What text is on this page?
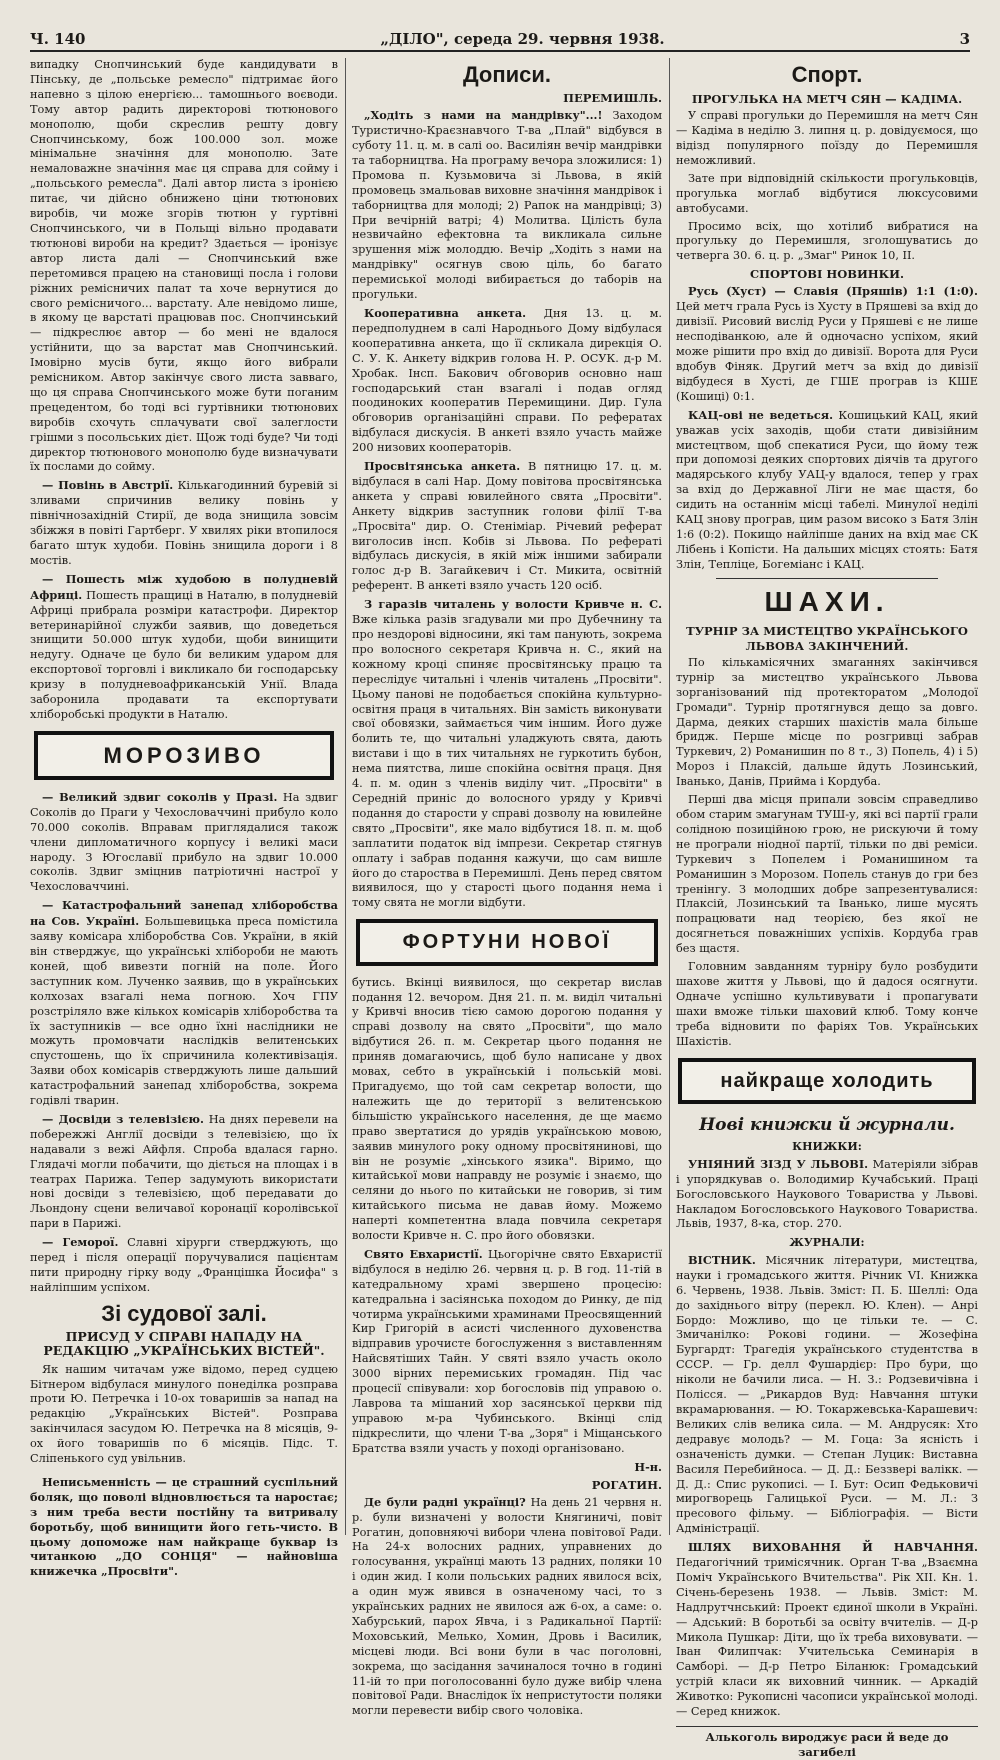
Ч. 140	„ДІЛО", середа 29. червня 1938.	3

випадку Снопчинський буде кандидувати в Пінську, де „польське ремесло" підтримає його напевно з цілою енергією... тамошнього воєводи. Тому автор радить директорові тютюнового монополю, щоби скреслив решту довгу Снопчинському, бож 100.000 зол. може мінімальне значіння для монополю. Зате немаловажне значіння має ця справа для сойму і „польського ремесла". Далі автор листа з іронією питає, чи дійсно обнижено ціни тютюнових виробів, чи може згорів тютюн у гуртівні Снопчинського, чи в Польщі вільно продавати тютюнові вироби на кредит? Здається — іронізує автор листа далі — Снопчинський вже перетомився працею на становищі посла і голови ріжних ремісничих палат та хоче вернутися до свого ремісничого... варстату. Але невідомо лише, в якому це варстаті працював пос. Снопчинський — підкреслює автор — бо мені не вдалося устійнити, що за варстат мав Снопчинський. Імовірно мусів бути, якщо його вибрали ремісником. Автор закінчує свого листа завваго, що ця справа Снопчинського може бути поганим прецедентом, бо тоді всі гуртівники тютюнових виробів схочуть сплачувати свої залеглости грішми з посольських дієт. Щож тоді буде? Чи тоді директор тютюнового монополю буде визначувати їх послами до сойму.

— Повінь в Австрії. Кількагодинний буревій зі зливами спричинив велику повінь у північнозахідній Стирії, де вода знищила зовсім збіжжя в повіті Гартберг. У хвилях ріки втопилося багато штук худоби. Повінь знищила дороги і 8 мостів.

— Пошесть між худобою в полудневій Африці. Пошесть пращиці в Наталю, в полудневій Африці прибрала розміри катастрофи. Директор ветеринарійної служби заявив, що доведеться знищити 50.000 штук худоби, щоби винищити недугу. Одначе це було би великим ударом для експортової торговлі і викликало би господарську кризу в полудневоафриканській Унії. Влада заборонила продавати та експортувати хліборобські продукти в Наталю.

МОРОЗИВО

— Великий здвиг соколів у Празі. На здвиг Соколів до Праги у Чехословаччині прибуло коло 70.000 соколів. Вправам приглядалися також члени дипломатичного корпусу і великі маси народу. З Югославії прибуло на здвиг 10.000 соколів. Здвиг зміцнив патріотичні настрої у Чехословаччині.

— Катастрофальний занепад хліборобства на Сов. Україні. Большевицька преса помістила заяву комісара хліборобства Сов. України, в якій він стверджує, що українські хлібороби не мають коней, щоб вивезти погній на поле. Його заступник ком. Лученко заявив, що в українських колхозах взагалі нема погною. Хоч ГПУ розстріляло вже кількох комісарів хліборобства та їх заступників — все одно їхні наслідники не можуть промовчати наслідків велитенських спустошень, що їх спричинила колективізація. Заяви обох комісарів стверджують лише дальший катастрофальний занепад хліборобства, зокрема годівлі тварин.

— Досвіди з телевізією. На днях перевели на побережжі Англії досвіди з телевізією, що їх надавали з вежі Айфля. Спроба вдалася гарно. Глядачі могли побачити, що діється на площах і в театрах Парижа. Тепер задумують використати нові досвіди з телевізією, щоб передавати до Льондону сцени величавої коронації королівської пари в Парижі.

— Геморої. Славні хірурги стверджують, що перед і після операції поручувалися пацієнтам пити природну гірку воду „Францішка Йосифа" з найліпшим успіхом.

Зі судової залі.
ПРИСУД У СПРАВІ НАПАДУ НА РЕДАКЦІЮ „УКРАЇНСЬКИХ ВІСТЕЙ".

Як нашим читачам уже відомо, перед судцею Бітнером відбулася минулого понеділка розправа проти Ю. Петречка і 10-ох товаришів за напад на редакцію „Українських Вістей". Розправа закінчилася засудом Ю. Петречка на 8 місяців, 9-ох його товаришів по 6 місяців. Підс. Т. Сліпенького суд увільнив.

Неписьменність — це страшний суспільний боляк, що поволі відновлюється та наростає; з ним треба вести постійну та витривалу боротьбу, щоб винищити його геть-чисто. В цьому допоможе нам найкраще буквар із читанкою „ДО СОНЦЯ" — найновіша книжечка „Просвіти".

Дописи.
ПЕРЕМИШЛЬ.

„Ходіть з нами на мандрівку"...! Заходом Туристично-Краєзнавчого Т-ва „Плай" відбувся в суботу 11. ц. м. в салі оо. Василіян вечір мандрівки та таборництва. На програму вечора зложилися: 1) Промова п. Кузьмовича зі Львова, в якій промовець змальовав виховне значіння мандрівок і таборництва для молоді; 2) Рапок на мандрівці; 3) При вечірній ватрі; 4) Молитва. Цілість була незвичайно ефектовна та викликала сильне зрушення між молоддю. Вечір „Ходіть з нами на мандрівку" осягнув свою ціль, бо багато перемиської молоді вибирається до таборів на прогульки.

Кооперативна анкета. Дня 13. ц. м. передполуднем в салі Народнього Дому відбулася кооперативна анкета, що її скликала дирекція О. С. У. К. Анкету відкрив голова Н. Р. ОСУК. д-р М. Хробак. Інсп. Бакович обговорив основно наш господарський стан взагалі і подав огляд поодиноких кооператив Перемищини. Дир. Гула обговорив організаційні справи. По рефератах відбулася дискусія. В анкеті взяло участь майже 200 низових кооператорів.

Просвітянська анкета. В пятницю 17. ц. м. відбулася в салі Нар. Дому повітова просвітянська анкета у справі ювилейного свята „Просвіти". Анкету відкрив заступник голови філії Т-ва „Просвіта" дир. О. Стеніміар. Річевий реферат виголосив інсп. Кобів зі Львова. По рефераті відбулась дискусія, в якій між іншими забирали голос д-р В. Загайкевич і Ст. Микита, освітній референт. В анкеті взяло участь 120 осіб.

З гаразів читалень у волости Кривче н. С. Вже кілька разів згадували ми про Дубечнину та про нездорові відносини, які там панують, зокрема про волосного секретаря Кривча н. С., який на кожному кроці спиняє просвітянську працю та переслідує читальні і членів читалень „Просвіти". Цьому панові не подобається спокійна культурно-освітня праця в читальнях. Він замість виконувати свої обовязки, займається чим іншим. Його дуже болить те, що читальні уладжують свята, дають вистави і що в тих читальнях не гуркотить бубон, нема пиятства, лише спокійна освітня праця. Дня 4. п. м. один з членів виділу чит. „Просвіти" в Середній приніс до волосного уряду у Кривчі подання до старости у справі дозволу на ювилейне свято „Просвіти", яке мало відбутися 18. п. м. щоб заплатити податок від імпрези. Секретар стягнув оплату і забрав подання кажучи, що сам вишле його до староства в Перемишлі. День перед святом виявилося, що у старості цього подання нема і тому свята не могли відбути.

ФОРТУНИ НОВОЇ

бутись. Вкінці виявилося, що секретар вислав подання 12. вечором. Дня 21. п. м. виділ читальні у Кривчі вносив тією самою дорогою подання у справі дозволу на свято „Просвіти", що мало відбутися 26. п. м. Секретар цього подання не приняв домагаючись, щоб було написане у двох мовах, себто в українській і польській мові. Пригадуємо, що той сам секретар волости, що належить ще до території з велитенською більшістю українського населення, де ще маємо право звертатися до урядів українською мовою, заявив минулого року одному просвітянинові, що він не розуміє „хінського язика". Віримо, що китайської мови направду не розуміє і знаємо, що селяни до нього по китайськи не говорив, зі тим китайського письма не давав йому. Можемо наперті компетентна влада повчила секретаря волости Кривче н. С. про його обовязки.

Свято Евхаристії. Цьогорічне свято Евхаристії відбулося в неділю 26. червня ц. р. В год. 11-тій в катедральному храмі звершено процесію: катедральна і засіянська походом до Ринку, де під чотирма українськими храминами Преосвященний Кир Григорій в асисті численного духовенства відправив урочисте богослуження з виставленням Найсвятіших Тайн. У святі взяло участь около 3000 вірних перемиських громадян. Під час процесії співували: хор богословів під управою о. Лаврова та мішаний хор засянської церкви під управою м-ра Чубинського. Вкінці слід підкреслити, що члени Т-ва „Зоря" і Міщанського Братства взяли участь у поході організовано.

Н-н.
РОГАТИН.

Де були радні українці? На день 21 червня н. р. були визначені у волости Княгиничі, повіт Рогатин, доповняючі вибори члена повітової Ради. На 24-х волосних радних, управнених до голосування, українці мають 13 радних, поляки 10 і один жид. І коли польських радних явилося всіх, а один муж явився в означеному часі, то з українських радних не явилося аж 6-ох, а саме: о. Хабурський, парох Явча, і з Радикальної Партії: Моховський, Мелько, Хомин, Дровь і Василик, місцеві люди. Всі вони були в час поголовні, зокрема, що засідання зачиналося точно в годині 11-ій то при поголосованні було дуже вибір члена повітової Ради. Внаслідок їх непристутости поляки могли перевести вибір свого чоловіка.

Спорт.
ПРОГУЛЬКА НА МЕТЧ СЯН — КАДІМА.

У справі прогульки до Перемишля на метч Сян — Кадіма в неділю 3. липня ц. р. довідуємося, що відізд популярного поїзду до Перемишля неможливий.

Зате при відповідній скількости прогульковців, прогулька моглаб відбутися люксусовими автобусами.

Просимо всіх, що хотілиб вибратися на прогульку до Перемишля, зголошуватись до четверга 30. 6. ц. р. „Змаг" Ринок 10, II.

СПОРТОВІ НОВИНКИ.

Русь (Хуст) — Славія (Пряшів) 1:1 (1:0). Цей метч грала Русь із Хусту в Пряшеві за вхід до дивізії. Рисовий вислід Руси у Пряшеві є не лише несподіванкою, але й одночасно успіхом, який може рішити про вхід до дивізії. Ворота для Руси вдобув Фіняк. Другий метч за вхід до дивізії відбудеся в Хусті, де ГШЕ програв із КШЕ (Кошиці) 0:1.

КАЦ-ові не ведеться. Кошицький КАЦ, який уважав усіх заходів, щоби стати дивізійним мистецтвом, щоб спекатися Руси, що йому теж при допомозі деяких спортових діячів та другого мадярського клубу УАЦ-у вдалося, тепер у грах за вхід до Державної Ліги не має щастя, бо сидить на останнім місці табелі. Минулої неділі КАЦ знову програв, цим разом високо з Батя Злін 1:6 (0:2). Покищо найліпше даних на вхід має СК Лібень і Копісти. На дальших місцях стоять: Батя Злін, Тепліце, Богеміанс і КАЦ.

ШАХИ.
ТУРНІР ЗА МИСТЕЦТВО УКРАЇНСЬКОГО ЛЬВОВА ЗАКІНЧЕНИЙ.

По кількамісячних змаганнях закінчився турнір за мистецтво українського Львова зорганізований під протекторатом „Молодої Громади". Турнір протягнувся дещо за довго. Дарма, деяких старших шахістів мала більше бридж. Перше місце по розгривці забрав Туркевич, 2) Романишин по 8 т., 3) Попель, 4) і 5) Мороз і Плаксій, дальше йдуть Лозинський, Іванько, Данів, Прийма і Кордуба.

Перші два місця припали зовсім справедливо обом старим змагунам ТУШ-у, які всі партії грали солідною позиційною грою, не рискуючи й тому не програли ніодної партії, тільки по дві реміси. Туркевич з Попелем і Романишином та Романишин з Морозом. Попель станув до гри без тренінгу. З молодших добре запрезентувалися: Плаксій, Лозинський та Іванько, лише мусять попрацювати над теорією, без якої не досягнеться поважніших успіхів. Кордуба грав без щастя.

Головним завданням турніру було розбудити шахове життя у Львові, що й дадося осягнути. Одначе успішно культивувати і пропагувати шахи вможе тільки шаховий клюб. Тому конче треба відновити по фаріях Тов. Українських Шахістів.

найкраще холодить
Нові книжки й журнали.
КНИЖКИ:

УНІЯНИЙ ЗІЗД У ЛЬВОВІ. Матеріяли зібрав і упорядкував о. Володимир Кучабський. Праці Богословського Наукового Товариства у Львові. Накладом Богословського Наукового Товариства. Львів, 1937, 8-ка, стор. 270.

ЖУРНАЛИ:

ВІСТНИК. Місячник літератури, мистецтва, науки і громадського життя. Річник VI. Книжка 6. Червень, 1938. Львів. Зміст: П. Б. Шеллі: Ода до західнього вітру (перекл. Ю. Клен). — Анрі Бордо: Можливо, що це тільки те. — С. Змичанілко: Рокові години. — Жозефіна Бургардт: Трагедія українського студентства в СССР. — Гр. делл Фушардієр: Про бури, що ніколи не бачили лиса. — Н. З.: Родзевичівна і Полісся. — „Рикардов Вуд: Навчання штуки вкрамарювання. — Ю. Токаржевська-Карашевич: Великих слів велика сила. — М. Андрусяк: Хто дедравує молодь? — М. Гоца: За ясність і означеність думки. — Степан Луцик: Виставна Василя Перебийноса. — Д. Д.: Беззвері валікк. — Д. Д.: Спис рукописі. — І. Бут: Осип Федьковичі мирогворець Галицької Руси. — М. Л.: З пресового фільму. — Бібліографія. — Вісти Адміністрації.

ШЛЯХ ВИХОВАННЯ Й НАВЧАННЯ. Педагогічний тримісячник. Орган Т-ва „Взаємна Поміч Українського Вчительства". Рік XII. Кн. 1. Січень-березень 1938. — Львів. Зміст: М. Надлрутчнський: Проект єдиної школи в Україні. — Адський: В боротьбі за освіту вчителів. — Д-р Микола Пушкар: Діти, що їх треба виховувати. — Іван Филипчак: Учительська Семинарія в Самборі. — Д-р Петро Біланюк: Громадський устрій класи як виховний чинник. — Аркадій Животко: Рукописні часописи української молоді. — Серед книжок.

Алькоголь вироджує раси й веде до загибелі
